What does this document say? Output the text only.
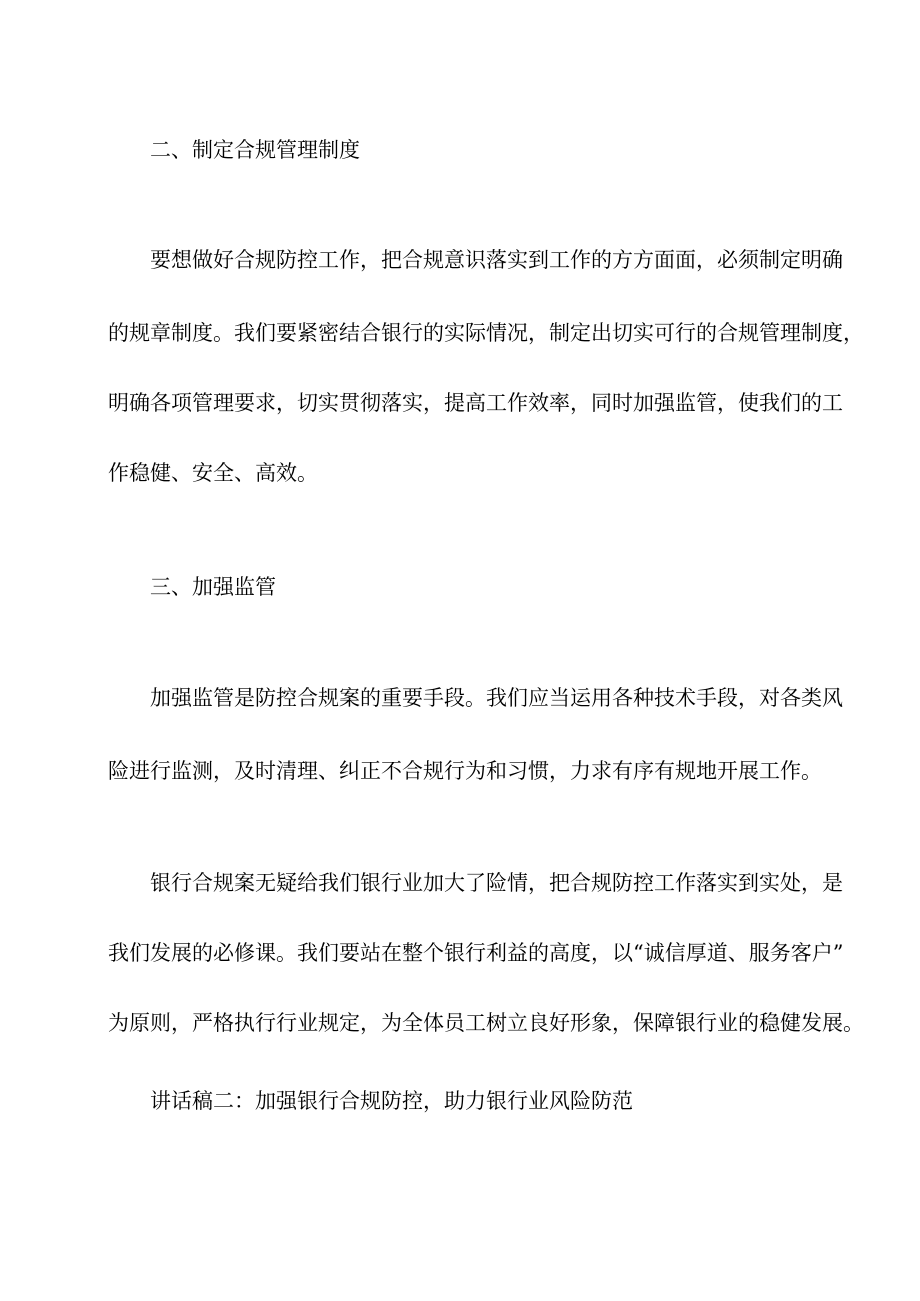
二、制定合规管理制度
要想做好合规防控工作，把合规意识落实到工作的方方面面，必须制定明确
的规章制度。我们要紧密结合银行的实际情况，制定出切实可行的合规管理制度，
明确各项管理要求，切实贯彻落实，提高工作效率，同时加强监管，使我们的工
作稳健、安全、高效。
三、加强监管
加强监管是防控合规案的重要手段。我们应当运用各种技术手段，对各类风
险进行监测，及时清理、纠正不合规行为和习惯，力求有序有规地开展工作。
银行合规案无疑给我们银行业加大了险情，把合规防控工作落实到实处，是
我们发展的必修课。我们要站在整个银行利益的高度，以“诚信厚道、服务客户”
为原则，严格执行行业规定，为全体员工树立良好形象，保障银行业的稳健发展。
讲话稿二：加强银行合规防控，助力银行业风险防范
